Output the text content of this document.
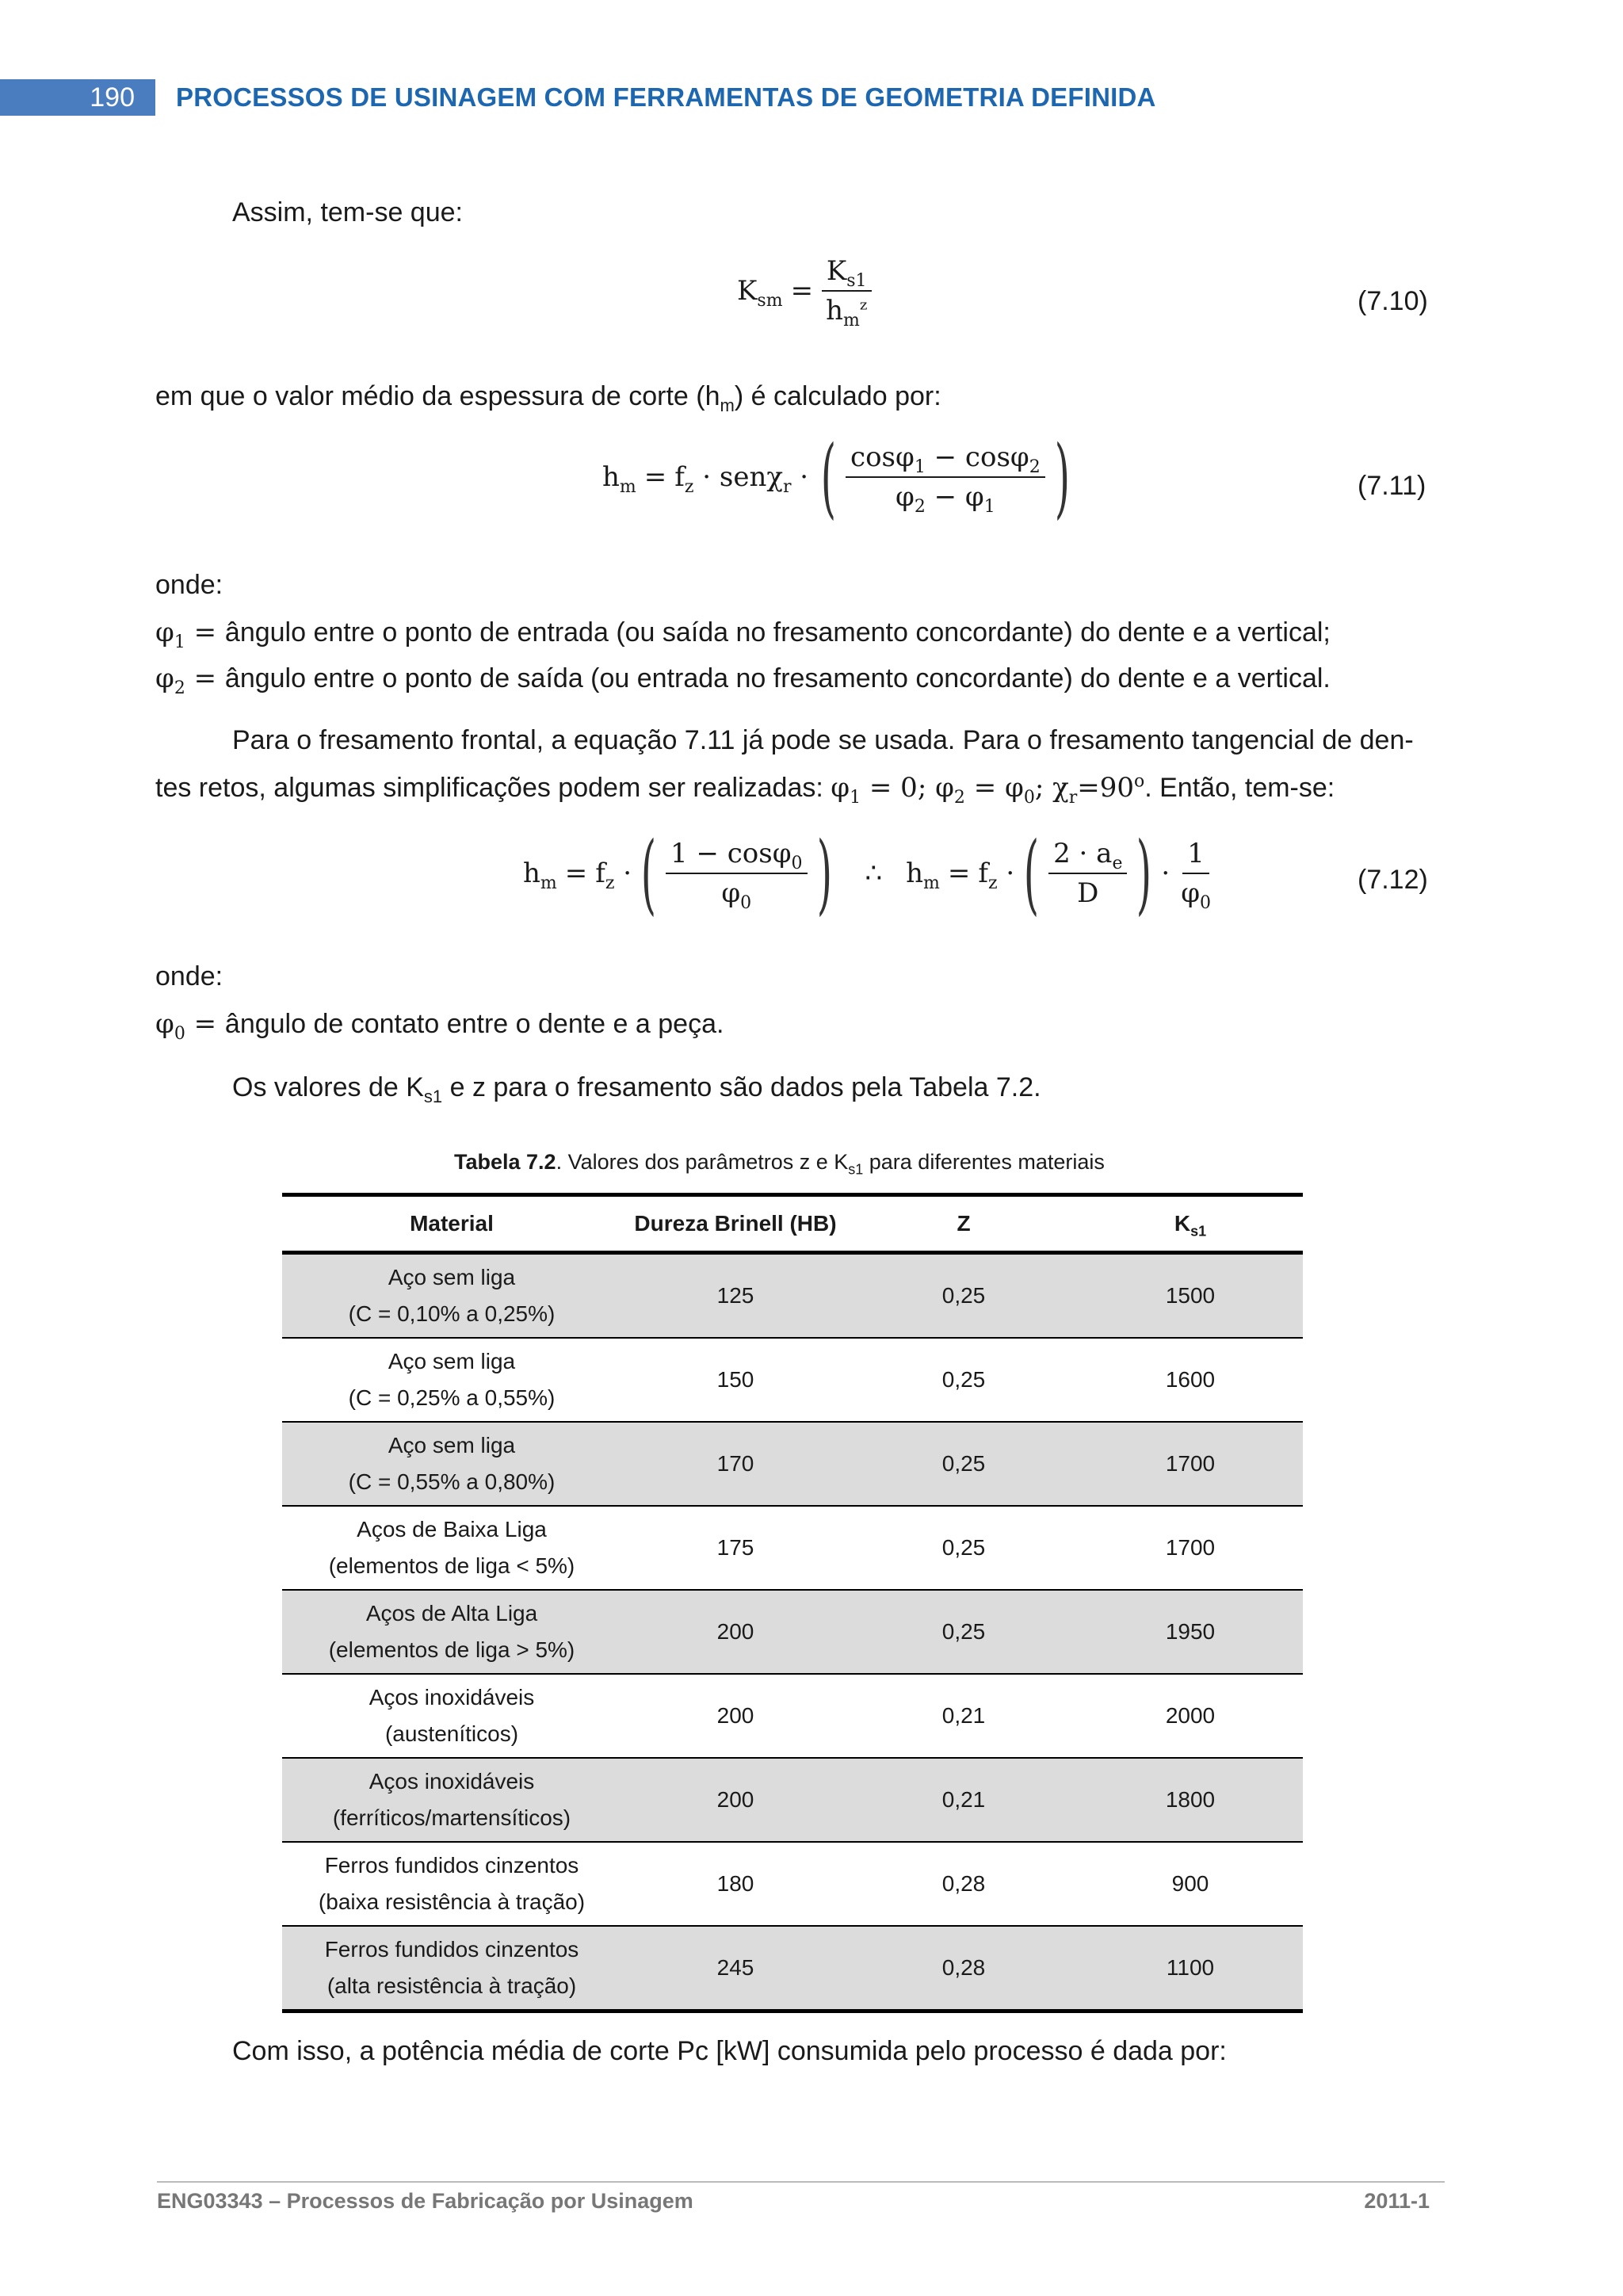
190	PROCESSOS DE USINAGEM COM FERRAMENTAS DE GEOMETRIA DEFINIDA
Assim, tem-se que:
$K_{sm} = \frac{K_{s1}}{h_m^z}$	(7.10)
em que o valor médio da espessura de corte $(h_m)$ é calculado por:
$h_m = f_z \cdot sen\chi_r$ · ( $\frac{\cos\varphi_1 - \cos\varphi_2}{\varphi_2 - \varphi_1}$ )	(7.11)
onde:
$\varphi_1$ = ângulo entre o ponto de entrada (ou saída no fresamento concordante) do dente e a vertical;
$\varphi_2$ = ângulo entre o ponto de saída (ou entrada no fresamento concordante) do dente e a vertical.
Para o fresamento frontal, a equação 7.11 já pode se usada. Para o fresamento tangencial de den-
tes retos, algumas simplificações podem ser realizadas: $\varphi_1 = 0$; $\varphi_2 = \varphi_0$; $\chi_r=90^o$. Então, tem-se:
$h_m = f_z$ · ( $\frac{1 - \cos\varphi_0}{\varphi_0}$ ) ∴ $h_m = f_z$ · ( $\frac{2 \cdot a_e}{D}$ ) · $\frac{1}{\varphi_0}$	(7.12)
onde:
$\varphi_0$ = ângulo de contato entre o dente e a peça.
Os valores de $K_{s1}$ e z para o fresamento são dados pela Tabela 7.2.
Tabela 7.2. Valores dos parâmetros z e $K_{s1}$ para diferentes materiais
Material	Dureza Brinell (HB)	Z	$K_{s1}$
Aço sem liga
(C = 0,10% a 0,25%)	125	0,25	1500
Aço sem liga
(C = 0,25% a 0,55%)	150	0,25	1600
Aço sem liga
(C = 0,55% a 0,80%)	170	0,25	1700
Aços de Baixa Liga
(elementos de liga < 5%)	175	0,25	1700
Aços de Alta Liga
(elementos de liga > 5%)	200	0,25	1950
Aços inoxidáveis
(austeníticos)	200	0,21	2000
Aços inoxidáveis
(ferríticos/martensíticos)	200	0,21	1800
Ferros fundidos cinzentos
(baixa resistência à tração)	180	0,28	900
Ferros fundidos cinzentos
(alta resistência à tração)	245	0,28	1100
Com isso, a potência média de corte Pc [kW] consumida pelo processo é dada por:
ENG03343 – Processos de Fabricação por Usinagem	2011-1
